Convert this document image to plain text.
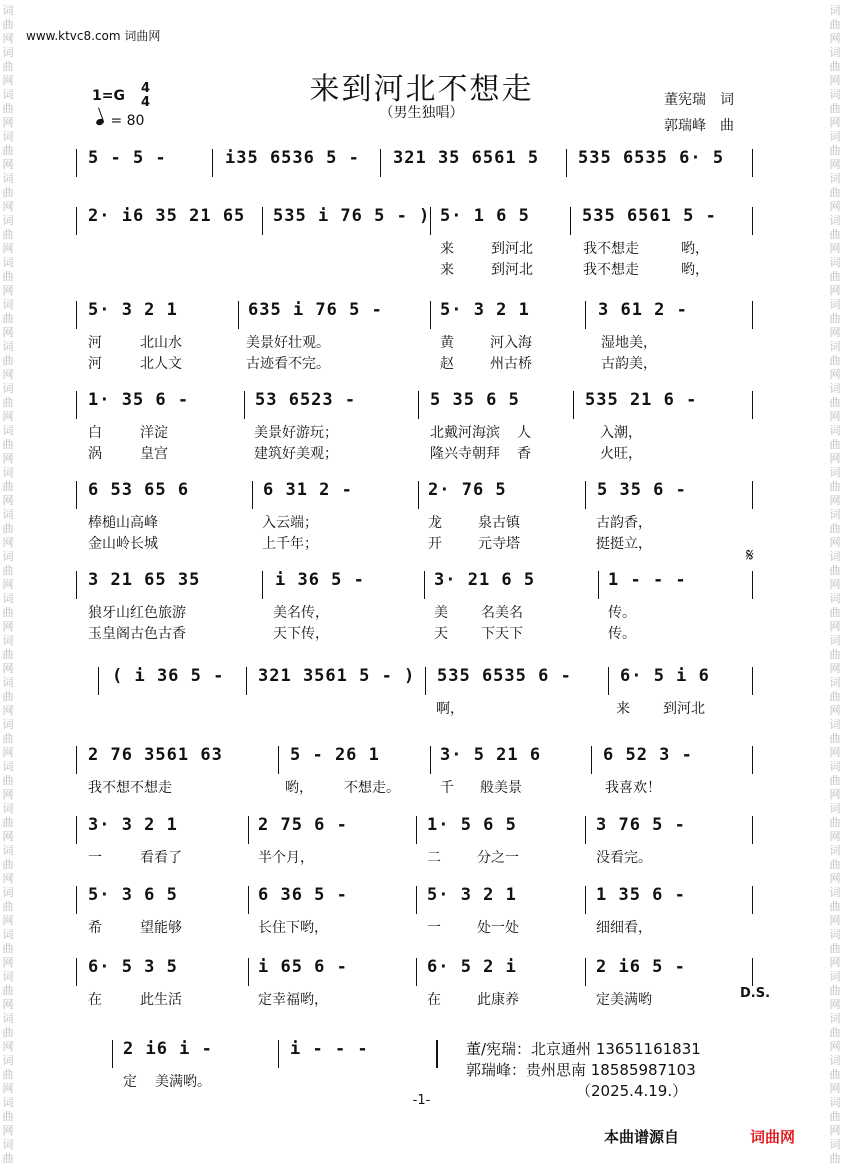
词
曲
网
词
曲
网
词
曲
网
词
曲
网
词
曲
网
词
曲
网
词
曲
网
词
曲
网
词
曲
网
词
曲
网
词
曲
网
词
曲
网
词
曲
网
词
曲
网
词
曲
网
词
曲
网
词
曲
网
词
曲
网
词
曲
网
词
曲
网
词
曲
网
词
曲
网
词
曲
网
词
曲
网
词
曲
网
词
曲
网
词
曲
网
词
曲
词
曲
网
词
曲
网
词
曲
网
词
曲
网
词
曲
网
词
曲
网
词
曲
网
词
曲
网
词
曲
网
词
曲
网
词
曲
网
词
曲
网
词
曲
网
词
曲
网
词
曲
网
词
曲
网
词
曲
网
词
曲
网
词
曲
网
词
曲
网
词
曲
网
词
曲
网
词
曲
网
词
曲
网
词
曲
网
词
曲
网
词
曲
网
词
曲
www.ktvc8.com 词曲网
来到河北不想走
（男生独唱）
1=G 4
4
= 80
董宪瑞　词
郭瑞峰　曲
5 - 5 -	i35 6536 5 - 321 35 6561 5 535 6535 6· 5
2· i6 35 21 65 535 i 76 5 - ) 5· 1 6 5	535 6561 5 -
来	到河北	我不想走	哟，
来	到河北	我不想走	哟，
5· 3 2 1	635 i 76 5 -	5· 3 2 1	3 61 2 -
河	北山水	美景好壮观。	黄	河入海	湿地美，
河	北人文	古迹看不完。	赵	州古桥	古韵美，
1· 35 6 -	53 6523 -	5 35 6 5	535 21 6 -
白	洋淀	美景好游玩；	北戴河海滨 人	入潮，
涡	皇宫	建筑好美观；	隆兴寺朝拜 香	火旺，
6 53 65 6	6 31 2 -	2· 76 5	5 35 6 -
棒槌山高峰	入云端；	龙	泉古镇	古韵香，
金山岭长城	上千年；	开	元寺塔	挺挺立，
3 21 65 35	i 36 5 -	3· 21 6 5	1 - - -
狼牙山红色旅游	美名传，	美 名美名	传。
玉皇阁古色古香	天下传，	天 下天下	传。
( i 36 5 - 321 3561 5 - ) 535 6535 6 -	6· 5 i 6
啊，	来 到河北
2 76 3561 63	5 - 26 1	3· 5 21 6	6 52 3 -
我不想不想走	哟， 不想走。	千 般美景	我喜欢！
3· 3 2 1	2 75 6 -	1· 5 6 5	3 76 5 -
一	看看了	半个月，	二	分之一	没看完。
5· 3 6 5	6 36 5 -	5· 3 2 1	1 35 6 -
希	望能够	长住下哟，	一	处一处	细细看，
6· 5 3 5	i 65 6 -	6· 5 2 i	2 i6 5 -
在	此生活	定幸福哟，	在	此康养	定美满哟
2 i6 i -	i - - -
定 美满哟。
𝄋
D.S.
董/宪瑞：北京通州 13651161831
郭瑞峰：贵州思南 18585987103
（2025.4.19.）
-1-
本曲谱源自	词曲网
